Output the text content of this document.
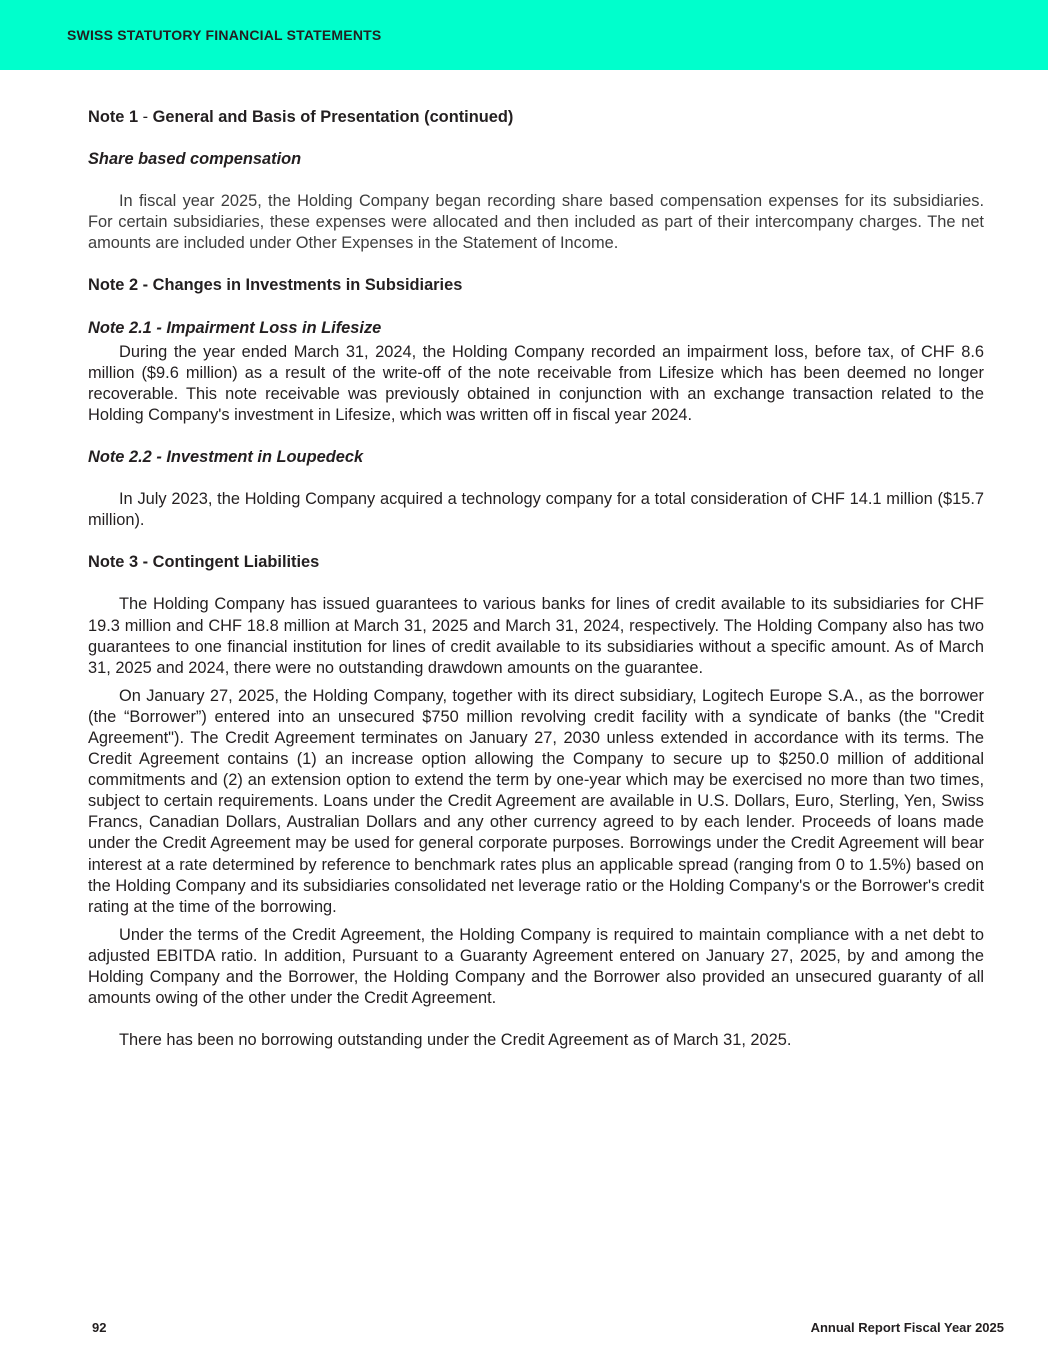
SWISS STATUTORY FINANCIAL STATEMENTS
Note 1 - General and Basis of Presentation (continued)
Share based compensation

In fiscal year 2025, the Holding Company began recording share based compensation expenses for its subsidiaries. For certain subsidiaries, these expenses were allocated and then included as part of their intercompany charges. The net amounts are included under Other Expenses in the Statement of Income.

Note 2 - Changes in Investments in Subsidiaries
Note 2.1 - Impairment Loss in Lifesize

During the year ended March 31, 2024, the Holding Company recorded an impairment loss, before tax, of CHF 8.6 million ($9.6 million) as a result of the write-off of the note receivable from Lifesize which has been deemed no longer recoverable. This note receivable was previously obtained in conjunction with an exchange transaction related to the Holding Company's investment in Lifesize, which was written off in fiscal year 2024.

Note 2.2 - Investment in Loupedeck

In July 2023, the Holding Company acquired a technology company for a total consideration of CHF 14.1 million ($15.7 million).

Note 3 - Contingent Liabilities

The Holding Company has issued guarantees to various banks for lines of credit available to its subsidiaries for CHF 19.3 million and CHF 18.8 million at March 31, 2025 and March 31, 2024, respectively. The Holding Company also has two guarantees to one financial institution for lines of credit available to its subsidiaries without a specific amount. As of March 31, 2025 and 2024, there were no outstanding drawdown amounts on the guarantee.

On January 27, 2025, the Holding Company, together with its direct subsidiary, Logitech Europe S.A., as the borrower (the “Borrower”) entered into an unsecured $750 million revolving credit facility with a syndicate of banks (the "Credit Agreement"). The Credit Agreement terminates on January 27, 2030 unless extended in accordance with its terms. The Credit Agreement contains (1) an increase option allowing the Company to secure up to $250.0 million of additional commitments and (2) an extension option to extend the term by one-year which may be exercised no more than two times, subject to certain requirements. Loans under the Credit Agreement are available in U.S. Dollars, Euro, Sterling, Yen, Swiss Francs, Canadian Dollars, Australian Dollars and any other currency agreed to by each lender. Proceeds of loans made under the Credit Agreement may be used for general corporate purposes. Borrowings under the Credit Agreement will bear interest at a rate determined by reference to benchmark rates plus an applicable spread (ranging from 0 to 1.5%) based on the Holding Company and its subsidiaries consolidated net leverage ratio or the Holding Company's or the Borrower's credit rating at the time of the borrowing.

Under the terms of the Credit Agreement, the Holding Company is required to maintain compliance with a net debt to adjusted EBITDA ratio. In addition, Pursuant to a Guaranty Agreement entered on January 27, 2025, by and among the Holding Company and the Borrower, the Holding Company and the Borrower also provided an unsecured guaranty of all amounts owing of the other under the Credit Agreement.

There has been no borrowing outstanding under the Credit Agreement as of March 31, 2025.

92	Annual Report Fiscal Year 2025
